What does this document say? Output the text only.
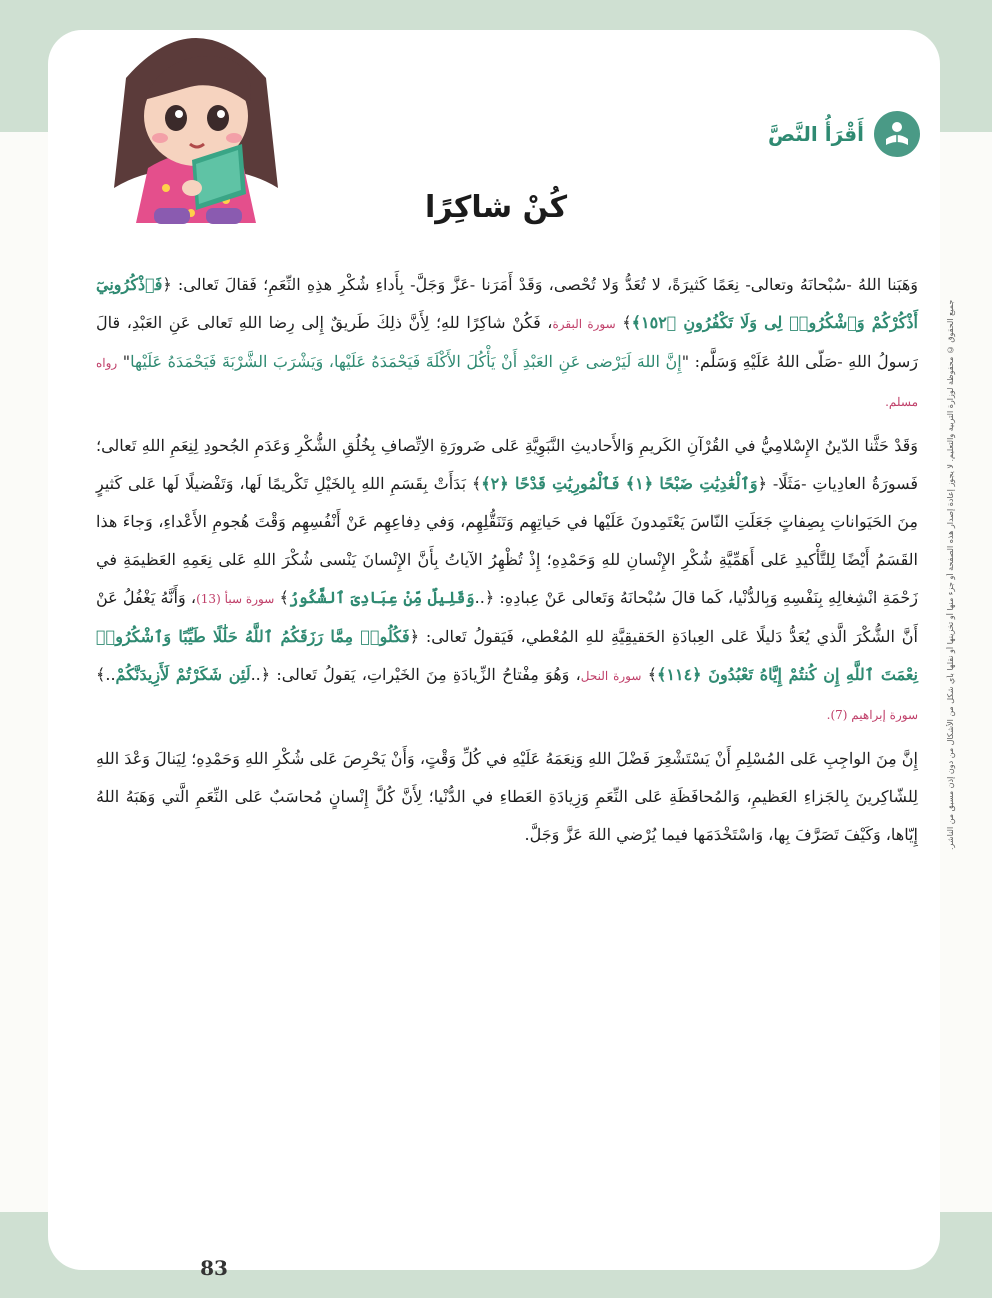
أَقْرَأُ النَّصَّ
كُنْ شاكِرًا

وَهَبَنا اللهُ -سُبْحانَهُ وتعالى- نِعَمًا كَثيرَةً، لا تُعَدُّ وَلا تُحْصى، وَقَدْ أَمَرَنا -عَزَّ وَجَلَّ- بِأَداءِ شُكْرِ هذِهِ النِّعَمِ؛ فَقالَ تَعالى: ﴿فَٱذْكُرُونِيٓ أَذْكُرْكُمْ وَٱشْكُرُوا۟ لِى وَلَا تَكْفُرُونِ ﴿١٥٢﴾﴾ سورة البقرة، فَكُنْ شاكِرًا للهِ؛ لِأَنَّ ذلِكَ طَريقٌ إِلى رِضا اللهِ تَعالى عَنِ العَبْدِ، قالَ رَسولُ اللهِ -صَلّى اللهُ عَلَيْهِ وَسَلَّم: "إِنَّ اللهَ لَيَرْضى عَنِ العَبْدِ أَنْ يَأْكُلَ الأَكْلَةَ فَيَحْمَدَهُ عَلَيْها، وَيَشْرَبَ الشَّرْبَةَ فَيَحْمَدَهُ عَلَيْها" رواه مسلم.

وَقَدْ حَثَّنا الدّينُ الإِسْلامِيُّ في القُرْآنِ الكَريمِ وَالأَحاديثِ النَّبَوِيَّةِ عَلى ضَرورَةِ الاِتِّصافِ بِخُلُقِ الشُّكْرِ وَعَدَمِ الجُحودِ لِنِعَمِ اللهِ تَعالى؛ فَسورَةُ العادِياتِ -مَثَلًا- ﴿وَٱلْعَٰدِيَٰتِ ضَبْحًا ﴿١﴾ فَٱلْمُورِيَٰتِ قَدْحًا ﴿٢﴾﴾ بَدَأَتْ بِقَسَمِ اللهِ بِالخَيْلِ تَكْريمًا لَها، وَتَفْضيلًا لَها عَلى كَثيرٍ مِنَ الحَيَواناتِ بِصِفاتٍ جَعَلَتِ النّاسَ يَعْتَمِدونَ عَلَيْها في حَياتِهِم وَتَنَقُّلِهِم، وَفي دِفاعِهِم عَنْ أَنْفُسِهِم وَقْتَ هُجومِ الأَعْداءِ، وَجاءَ هذا القَسَمُ أَيْضًا لِلتَّأْكيدِ عَلى أَهَمِّيَّةِ شُكْرِ الإِنْسانِ للهِ وَحَمْدِهِ؛ إِذْ تُظْهِرُ الآياتُ بِأَنَّ الإِنْسانَ يَنْسى شُكْرَ اللهِ عَلى نِعَمِهِ العَظيمَةِ في زَحْمَةِ انْشِغالِهِ بِنَفْسِهِ وَبِالدُّنْيا، كَما قالَ سُبْحانَهُ وَتَعالى عَنْ عِبادِهِ: ﴿..وَقَلِيلٌ مِّنْ عِبَادِىَ ٱلشَّكُورُ﴾ سورة سبأ (13)، وَأَنَّهُ يَغْفُلُ عَنْ أَنَّ الشُّكْرَ الَّذي يُعَدُّ دَليلًا عَلى العِبادَةِ الحَقيقِيَّةِ للهِ المُعْطي، فَيَقولُ تَعالى: ﴿فَكُلُوا۟ مِمَّا رَزَقَكُمُ ٱللَّهُ حَلَٰلًا طَيِّبًا وَٱشْكُرُوا۟ نِعْمَتَ ٱللَّهِ إِن كُنتُمْ إِيَّاهُ تَعْبُدُونَ ﴿١١٤﴾﴾ سورة النحل، وَهُوَ مِفْتاحُ الزِّيادَةِ مِنَ الخَيْراتِ، يَقولُ تَعالى: ﴿..لَئِن شَكَرْتُمْ لَأَزِيدَنَّكُمْ..﴾ سورة إبراهيم (7).

إِنَّ مِنَ الواجِبِ عَلى المُسْلِمِ أَنْ يَسْتَشْعِرَ فَضْلَ اللهِ وَنِعَمَهُ عَلَيْهِ في كُلِّ وَقْتٍ، وَأَنْ يَحْرِصَ عَلى شُكْرِ اللهِ وَحَمْدِهِ؛ لِيَنالَ وَعْدَ اللهِ لِلشّاكِرينَ بِالجَزاءِ العَظيمِ، وَالمُحافَظَةِ عَلى النِّعَمِ وَزِيادَةِ العَطاءِ في الدُّنْيا؛ لِأَنَّ كُلَّ إِنْسانٍ مُحاسَبٌ عَلى النِّعَمِ الَّتي وَهَبَهُ اللهُ إِيّاها، وَكَيْفَ تَصَرَّفَ بِها، وَاسْتَخْدَمَها فيما يُرْضي اللهَ عَزَّ وَجَلَّ.	جميع الحقوق © محفوظة لوزارة التربية والتعليم. لا يجوز إعادة إصدار هذه الصفحة أو جزء منها أو تخزينها أو نقلها بأي شكل من الأشكال من دون إذن مسبق من الناشر.
83
